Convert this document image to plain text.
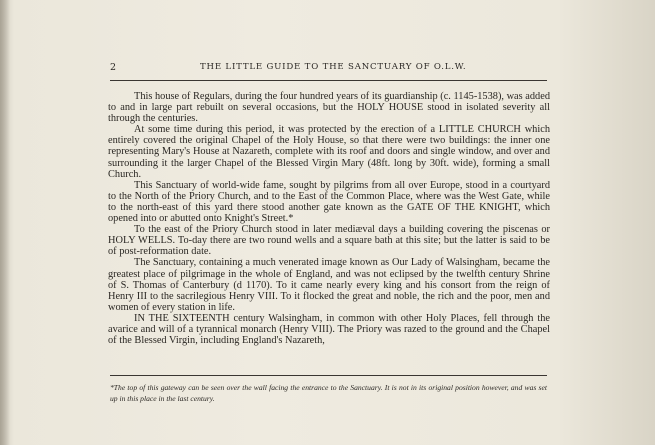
2	THE LITTLE GUIDE TO THE SANCTUARY OF O.L.W.

This house of Regulars, during the four hundred years of its guardianship (c. 1145-1538), was added to and in large part rebuilt on several occasions, but the HOLY HOUSE stood in isolated severity all through the centuries.

At some time during this period, it was protected by the erection of a LITTLE CHURCH which entirely covered the original Chapel of the Holy House, so that there were two buildings: the inner one representing Mary's House at Nazareth, complete with its roof and doors and single window, and over and surrounding it the larger Chapel of the Blessed Virgin Mary (48ft. long by 30ft. wide), forming a small Church.

This Sanctuary of world-wide fame, sought by pilgrims from all over Europe, stood in a courtyard to the North of the Priory Church, and to the East of the Common Place, where was the West Gate, while to the north-east of this yard there stood another gate known as the GATE OF THE KNIGHT, which opened into or abutted onto Knight's Street.*

To the east of the Priory Church stood in later mediæval days a building covering the piscenas or HOLY WELLS. To-day there are two round wells and a square bath at this site; but the latter is said to be of post-reformation date.

The Sanctuary, containing a much venerated image known as Our Lady of Walsingham, became the greatest place of pilgrimage in the whole of England, and was not eclipsed by the twelfth century Shrine of S. Thomas of Canterbury (d 1170). To it came nearly every king and his consort from the reign of Henry III to the sacrilegious Henry VIII. To it flocked the great and noble, the rich and the poor, men and women of every station in life.

IN THE SIXTEENTH century Walsingham, in common with other Holy Places, fell through the avarice and will of a tyrannical monarch (Henry VIII). The Priory was razed to the ground and the Chapel of the Blessed Virgin, including England's Nazareth,

*The top of this gateway can be seen over the wall facing the entrance to the Sanctuary. It is not in its original position however, and was set up in this place in the last century.
